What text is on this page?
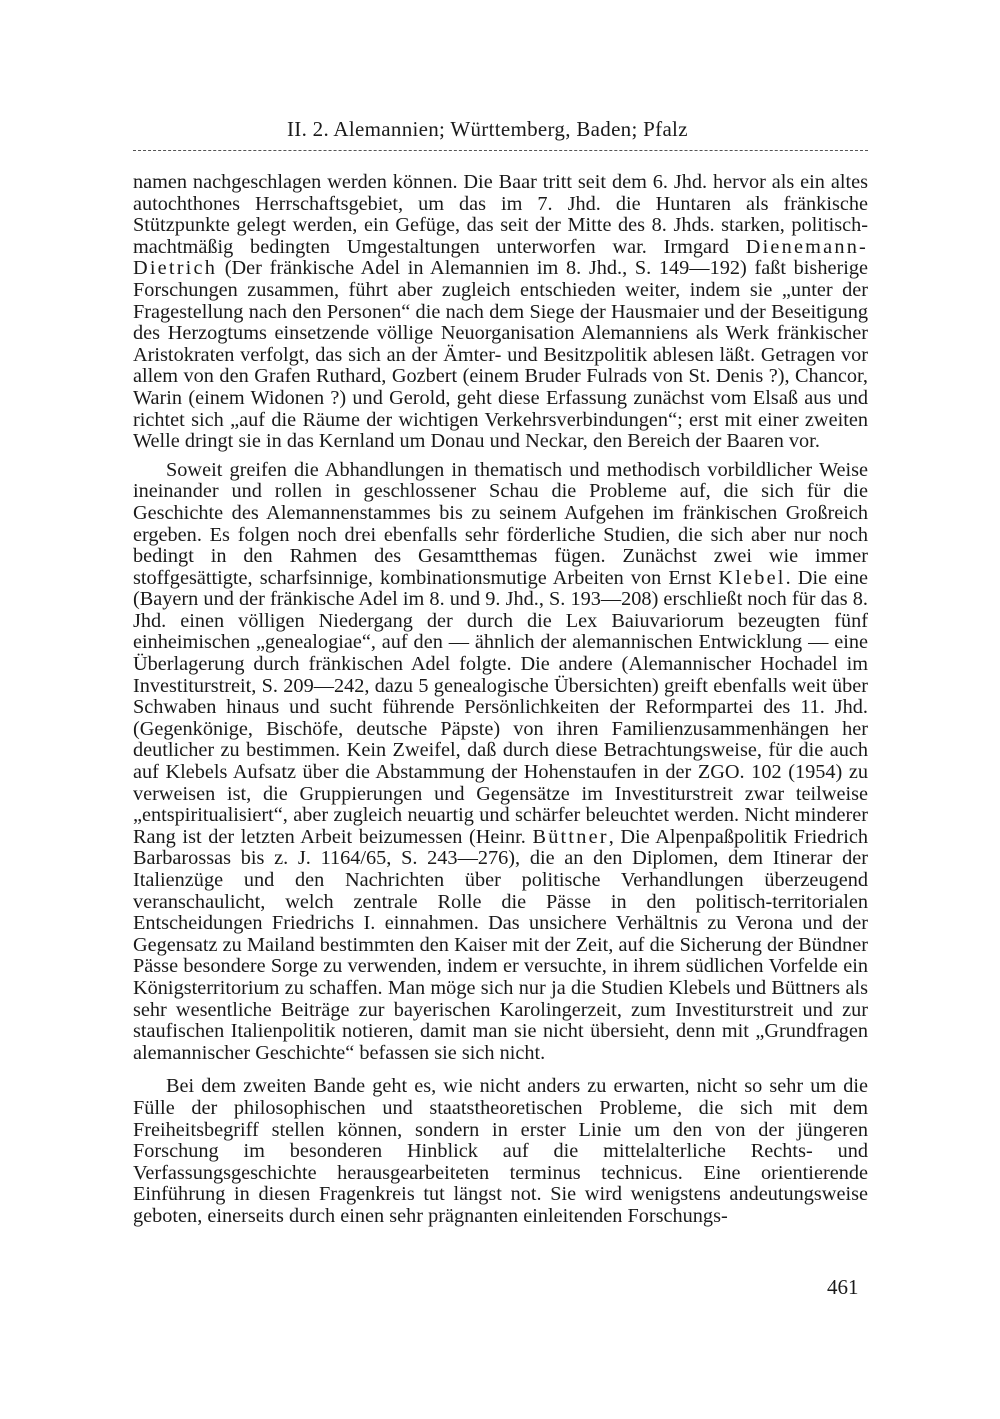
II. 2. Alemannien; Württemberg, Baden; Pfalz

namen nachgeschlagen werden können. Die Baar tritt seit dem 6. Jhd. hervor als ein altes autochthones Herrschaftsgebiet, um das im 7. Jhd. die Huntaren als fränkische Stützpunkte gelegt werden, ein Gefüge, das seit der Mitte des 8. Jhds. starken, politisch-machtmäßig bedingten Umgestaltungen unterworfen war. Irmgard Dienemann-Dietrich (Der fränkische Adel in Alemannien im 8. Jhd., S. 149—192) faßt bisherige Forschungen zusammen, führt aber zugleich entschieden weiter, indem sie „unter der Fragestellung nach den Personen“ die nach dem Siege der Hausmaier und der Beseitigung des Herzogtums einsetzende völlige Neuorganisation Alemanniens als Werk fränkischer Aristokraten verfolgt, das sich an der Ämter- und Besitzpolitik ablesen läßt. Getragen vor allem von den Grafen Ruthard, Gozbert (einem Bruder Fulrads von St. Denis ?), Chancor, Warin (einem Widonen ?) und Gerold, geht diese Erfassung zunächst vom Elsaß aus und richtet sich „auf die Räume der wichtigen Verkehrsverbindungen“; erst mit einer zweiten Welle dringt sie in das Kernland um Donau und Neckar, den Bereich der Baaren vor.

Soweit greifen die Abhandlungen in thematisch und methodisch vorbildlicher Weise ineinander und rollen in geschlossener Schau die Probleme auf, die sich für die Geschichte des Alemannenstammes bis zu seinem Aufgehen im fränkischen Großreich ergeben. Es folgen noch drei ebenfalls sehr förderliche Studien, die sich aber nur noch bedingt in den Rahmen des Gesamtthemas fügen. Zunächst zwei wie immer stoffgesättigte, scharfsinnige, kombinationsmutige Arbeiten von Ernst Klebel. Die eine (Bayern und der fränkische Adel im 8. und 9. Jhd., S. 193—208) erschließt noch für das 8. Jhd. einen völligen Niedergang der durch die Lex Baiuvariorum bezeugten fünf einheimischen „genealogiae“, auf den — ähnlich der alemannischen Entwicklung — eine Überlagerung durch fränkischen Adel folgte. Die andere (Alemannischer Hochadel im Investiturstreit, S. 209—242, dazu 5 genealogische Übersichten) greift ebenfalls weit über Schwaben hinaus und sucht führende Persönlichkeiten der Reformpartei des 11. Jhd. (Gegenkönige, Bischöfe, deutsche Päpste) von ihren Familienzusammenhängen her deutlicher zu bestimmen. Kein Zweifel, daß durch diese Betrachtungsweise, für die auch auf Klebels Aufsatz über die Abstammung der Hohenstaufen in der ZGO. 102 (1954) zu verweisen ist, die Gruppierungen und Gegensätze im Investiturstreit zwar teilweise „entspiritualisiert“, aber zugleich neuartig und schärfer beleuchtet werden. Nicht minderer Rang ist der letzten Arbeit beizumessen (Heinr. Büttner, Die Alpenpaßpolitik Friedrich Barbarossas bis z. J. 1164/65, S. 243—276), die an den Diplomen, dem Itinerar der Italienzüge und den Nachrichten über politische Verhandlungen überzeugend veranschaulicht, welch zentrale Rolle die Pässe in den politisch-territorialen Entscheidungen Friedrichs I. einnahmen. Das unsichere Verhältnis zu Verona und der Gegensatz zu Mailand bestimmten den Kaiser mit der Zeit, auf die Sicherung der Bündner Pässe besondere Sorge zu verwenden, indem er versuchte, in ihrem südlichen Vorfelde ein Königsterritorium zu schaffen. Man möge sich nur ja die Studien Klebels und Büttners als sehr wesentliche Beiträge zur bayerischen Karolingerzeit, zum Investiturstreit und zur staufischen Italienpolitik notieren, damit man sie nicht übersieht, denn mit „Grundfragen alemannischer Geschichte“ befassen sie sich nicht.

Bei dem zweiten Bande geht es, wie nicht anders zu erwarten, nicht so sehr um die Fülle der philosophischen und staatstheoretischen Probleme, die sich mit dem Freiheitsbegriff stellen können, sondern in erster Linie um den von der jüngeren Forschung im besonderen Hinblick auf die mittelalterliche Rechts- und Verfassungsgeschichte herausgearbeiteten terminus technicus. Eine orientierende Einführung in diesen Fragenkreis tut längst not. Sie wird wenigstens andeutungsweise geboten, einerseits durch einen sehr prägnanten einleitenden Forschungs-

461
